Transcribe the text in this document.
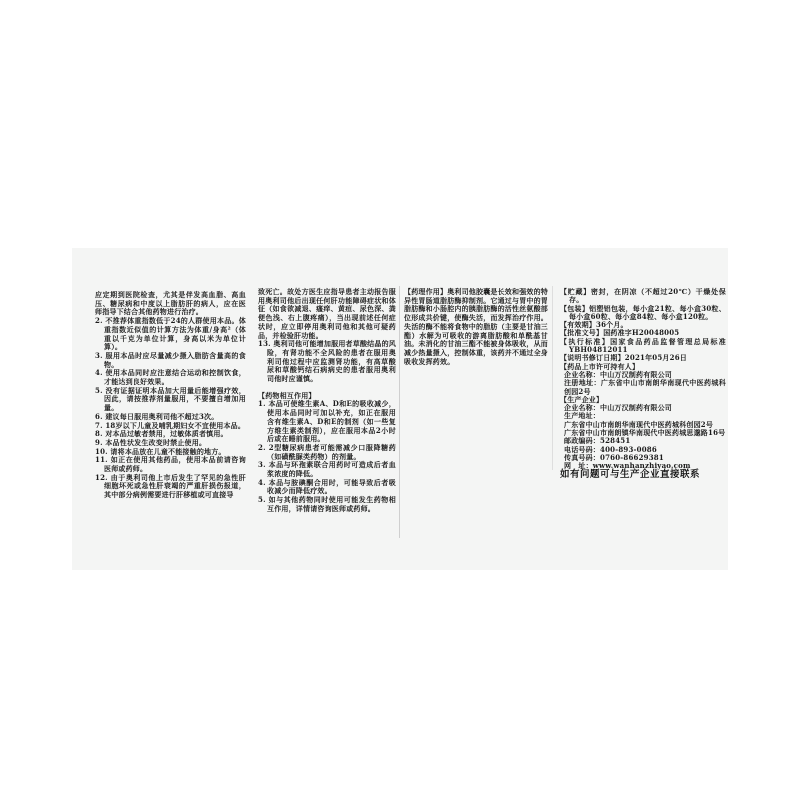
应定期到医院检查，尤其是伴发高血脂、高血压、糖尿病和中度以上脂肪肝的病人，应在医师指导下结合其他药物进行治疗。
2. 不推荐体重指数低于24的人群使用本品。体重指数近似值的计算方法为体重/身高²（体重以千克为单位计算，身高以米为单位计算）。
3. 服用本品时应尽量减少摄入脂肪含量高的食物。
4. 使用本品同时应注意结合运动和控制饮食，才能达到良好效果。
5. 没有证据证明本品加大用量后能增强疗效，因此，请按推荐剂量服用，不要擅自增加用量。
6. 建议每日服用奥利司他不超过3次。
7. 18岁以下儿童及哺乳期妇女不宜使用本品。
8. 对本品过敏者禁用，过敏体质者慎用。
9. 本品性状发生改变时禁止使用。
10. 请将本品放在儿童不能接触的地方。
11. 如正在使用其他药品，使用本品前请咨询医师或药师。
12. 由于奥利司他上市后发生了罕见的急性肝细胞坏死或急性肝衰竭的严重肝损伤报道，其中部分病例需要进行肝移植或可直接导
致死亡。故处方医生应指导患者主动报告服用奥利司他后出现任何肝功能障碍症状和体征（如食欲减退、瘙痒、黄疸、尿色深、粪便色浅、右上腹疼痛），当出现前述任何症状时，应立即停用奥利司他和其他可疑药品，并检验肝功能。
13. 奥利司他可能增加服用者草酸结晶的风险，有肾功能不全风险的患者在服用奥利司他过程中应监测肾功能，有高草酸尿和草酸钙结石病病史的患者服用奥利司他时应谨慎。
【药物相互作用】
1. 本品可使维生素A、D和E的吸收减少，使用本品同时可加以补充，如正在服用含有维生素A、D和E的制剂（如一些复方维生素类制剂），应在服用本品2小时后或在睡前服用。
2. 2型糖尿病患者可能需减少口服降糖药（如磺酰脲类药物）的剂量。
3. 本品与环孢素联合用药时可造成后者血浆浓度的降低。
4. 本品与胺碘酮合用时，可能导致后者吸收减少而降低疗效。
5. 如与其他药物同时使用可能发生药物相互作用，详情请咨询医师或药师。
【药理作用】奥利司他胶囊是长效和强效的特异性胃肠道脂肪酶抑制剂。它通过与胃中的胃脂肪酶和小肠腔内的胰脂肪酶的活性丝氨酸部位形成共价键，使酶失活，而发挥治疗作用。失活的酶不能将食物中的脂肪（主要是甘油三酯）水解为可吸收的游离脂肪酸和单酰基甘油。未消化的甘油三酯不能被身体吸收，从而减少热量摄入，控制体重，该药并不通过全身吸收发挥药效。
【贮藏】密封，在阴凉（不超过20℃）干燥处保存。
【包装】铝塑铝包装，每小盒21粒、每小盒30粒、每小盒60粒、每小盒84粒、每小盒120粒。
【有效期】36个月。
【批准文号】国药准字H20048005
【执行标准】国家食品药品监督管理总局标准YBH04812011
【说明书修订日期】2021年05月26日
【药品上市许可持有人】
企业名称：中山万汉制药有限公司
注册地址：广东省中山市南朗华南现代中医药城科创园2号
【生产企业】
企业名称：中山万汉制药有限公司
生产地址：
广东省中山市南朗华南现代中医药城科创园2号
广东省中山市南朗镇华南现代中医药城思邈路16号
邮政编码：528451
电话号码：400-893-0086
传真号码：0760-86629381
网　址：www.wanhanzhiyao.com
如有问题可与生产企业直接联系
